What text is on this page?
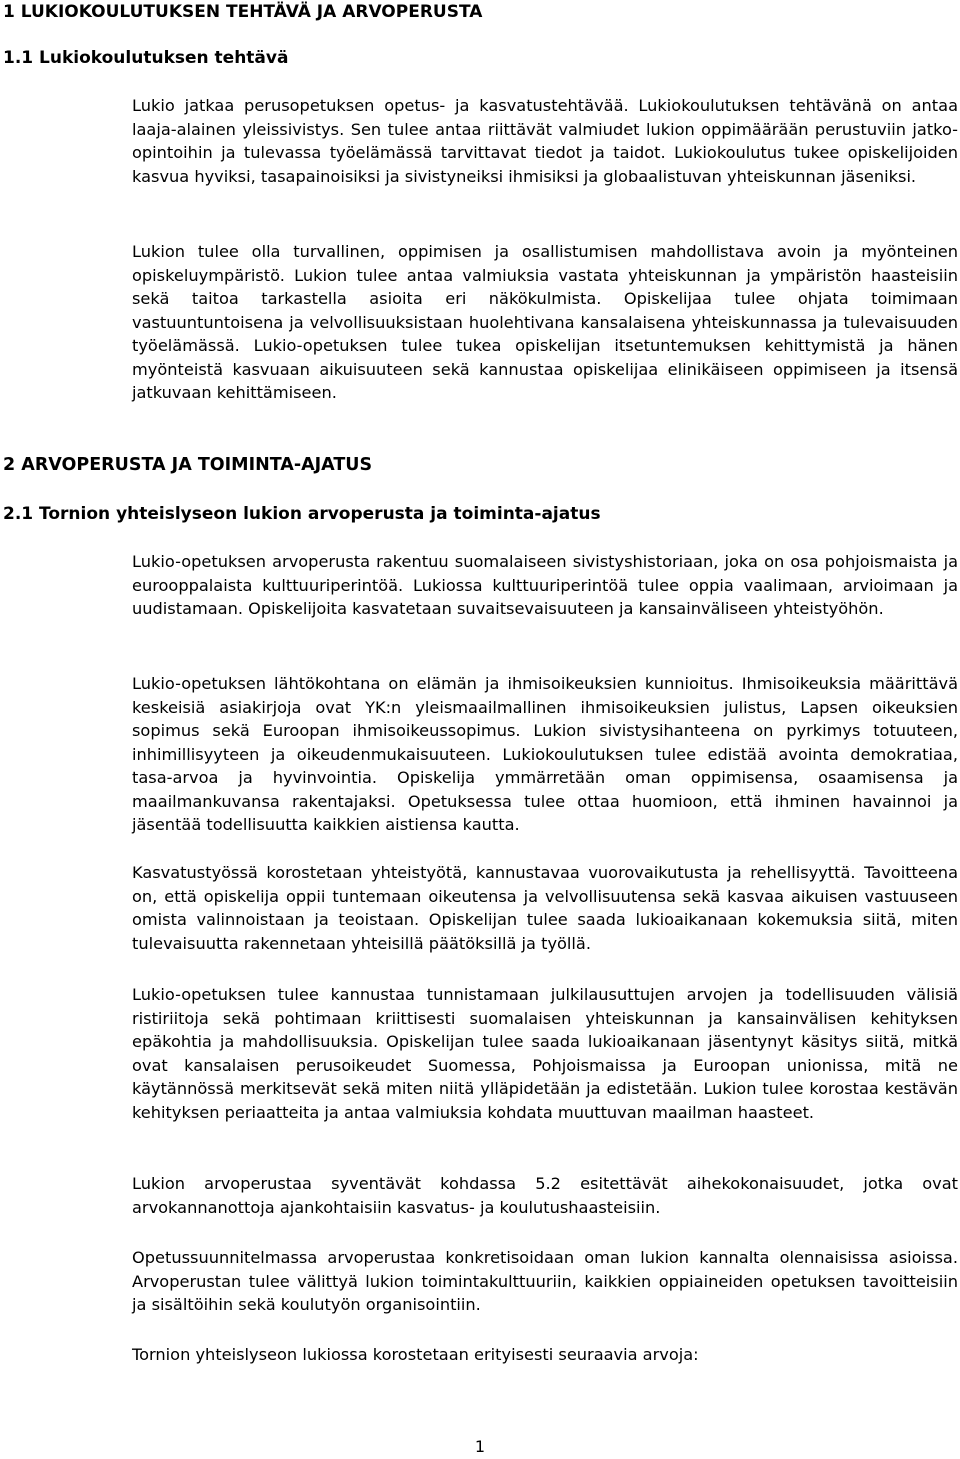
1 LUKIOKOULUTUKSEN TEHTÄVÄ JA ARVOPERUSTA
1.1 Lukiokoulutuksen tehtävä

Lukio jatkaa perusopetuksen opetus- ja kasvatustehtävää. Lukiokoulutuksen tehtävänä on antaa laaja-alainen yleissivistys. Sen tulee antaa riittävät valmiudet lukion oppimäärään perustuviin jatko-opintoihin ja tulevassa työelämässä tarvittavat tiedot ja taidot. Lukiokoulutus tukee opiskelijoiden kasvua hyviksi, tasapainoisiksi ja sivistyneiksi ihmisiksi ja globaalistuvan yhteiskunnan jäseniksi.

Lukion tulee olla turvallinen, oppimisen ja osallistumisen mahdollistava avoin ja myönteinen opiskeluympäristö. Lukion tulee antaa valmiuksia vastata yhteiskunnan ja ympäristön haasteisiin sekä taitoa tarkastella asioita eri näkökulmista. Opiskelijaa tulee ohjata toimimaan vastuuntuntoisena ja velvollisuuksistaan huolehtivana kansalaisena yhteiskunnassa ja tulevaisuuden työelämässä. Lukio-opetuksen tulee tukea opiskelijan itsetuntemuksen kehittymistä ja hänen myönteistä kasvuaan aikuisuuteen sekä kannustaa opiskelijaa elinikäiseen oppimiseen ja itsensä jatkuvaan kehittämiseen.

2 ARVOPERUSTA JA TOIMINTA-AJATUS
2.1 Tornion yhteislyseon lukion arvoperusta ja toiminta-ajatus

Lukio-opetuksen arvoperusta rakentuu suomalaiseen sivistyshistoriaan, joka on osa pohjoismaista ja eurooppalaista kulttuuriperintöä. Lukiossa kulttuuriperintöä tulee oppia vaalimaan, arvioimaan ja uudistamaan. Opiskelijoita kasvatetaan suvaitsevaisuuteen ja kansainväliseen yhteistyöhön.

Lukio-opetuksen lähtökohtana on elämän ja ihmisoikeuksien kunnioitus. Ihmisoikeuksia määrittävä keskeisiä asiakirjoja ovat YK:n yleismaailmallinen ihmisoikeuksien julistus, Lapsen oikeuksien sopimus sekä Euroopan ihmisoikeussopimus. Lukion sivistysihanteena on pyrkimys totuuteen, inhimillisyyteen ja oikeudenmukaisuuteen. Lukiokoulutuksen tulee edistää avointa demokratiaa, tasa-arvoa ja hyvinvointia. Opiskelija ymmärretään oman oppimisensa, osaamisensa ja maailmankuvansa rakentajaksi. Opetuksessa tulee ottaa huomioon, että ihminen havainnoi ja jäsentää todellisuutta kaikkien aistiensa kautta.

Kasvatustyössä korostetaan yhteistyötä, kannustavaa vuorovaikutusta ja rehellisyyttä. Tavoitteena on, että opiskelija oppii tuntemaan oikeutensa ja velvollisuutensa sekä kasvaa aikuisen vastuuseen omista valinnoistaan ja teoistaan. Opiskelijan tulee saada lukioaikanaan kokemuksia siitä, miten tulevaisuutta rakennetaan yhteisillä päätöksillä ja työllä.

Lukio-opetuksen tulee kannustaa tunnistamaan julkilausuttujen arvojen ja todellisuuden välisiä ristiriitoja sekä pohtimaan kriittisesti suomalaisen yhteiskunnan ja kansainvälisen kehityksen epäkohtia ja mahdollisuuksia. Opiskelijan tulee saada lukioaikanaan jäsentynyt käsitys siitä, mitkä ovat kansalaisen perusoikeudet Suomessa, Pohjoismaissa ja Euroopan unionissa, mitä ne käytännössä merkitsevät sekä miten niitä ylläpidetään ja edistetään. Lukion tulee korostaa kestävän kehityksen periaatteita ja antaa valmiuksia kohdata muuttuvan maailman haasteet.

Lukion arvoperustaa syventävät kohdassa 5.2 esitettävät aihekokonaisuudet, jotka ovat arvokannanottoja ajankohtaisiin kasvatus- ja koulutushaasteisiin.

Opetussuunnitelmassa arvoperustaa konkretisoidaan oman lukion kannalta olennaisissa asioissa. Arvoperustan tulee välittyä lukion toimintakulttuuriin, kaikkien oppiaineiden opetuksen tavoitteisiin ja sisältöihin sekä koulutyön organisointiin.

Tornion yhteislyseon lukiossa korostetaan erityisesti seuraavia arvoja:

1
